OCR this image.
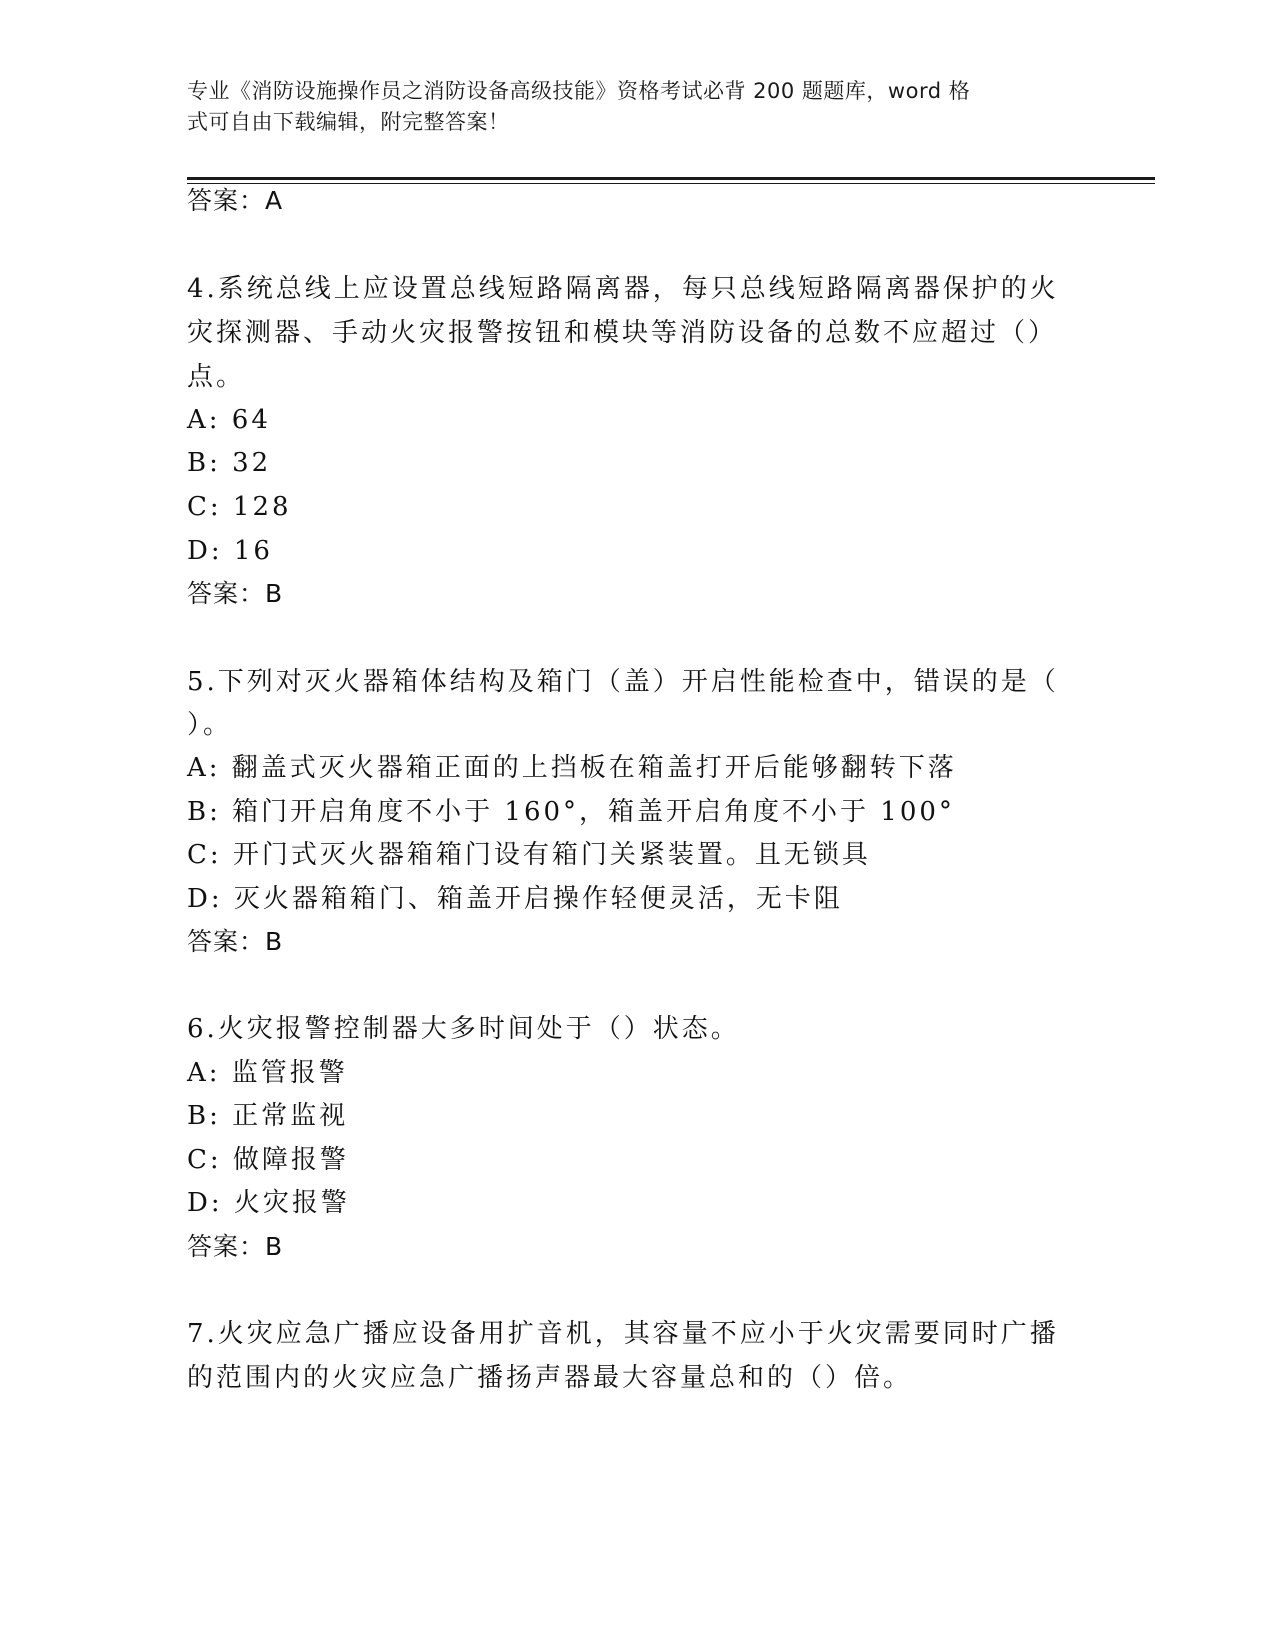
专业《消防设施操作员之消防设备高级技能》资格考试必背 200 题题库，word 格
式可自由下载编辑，附完整答案！
答案：A
4.系统总线上应设置总线短路隔离器，每只总线短路隔离器保护的火
灾探测器、手动火灾报警按钮和模块等消防设备的总数不应超过（）
点。
A: 64
B: 32
C: 128
D: 16
答案：B
5.下列对灭火器箱体结构及箱门（盖）开启性能检查中，错误的是（
）。
A: 翻盖式灭火器箱正面的上挡板在箱盖打开后能够翻转下落
B: 箱门开启角度不小于 160°，箱盖开启角度不小于 100°
C: 开门式灭火器箱箱门设有箱门关紧装置。且无锁具
D: 灭火器箱箱门、箱盖开启操作轻便灵活，无卡阻
答案：B
6.火灾报警控制器大多时间处于（）状态。
A: 监管报警
B: 正常监视
C: 做障报警
D: 火灾报警
答案：B
7.火灾应急广播应设备用扩音机，其容量不应小于火灾需要同时广播
的范围内的火灾应急广播扬声器最大容量总和的（）倍。
